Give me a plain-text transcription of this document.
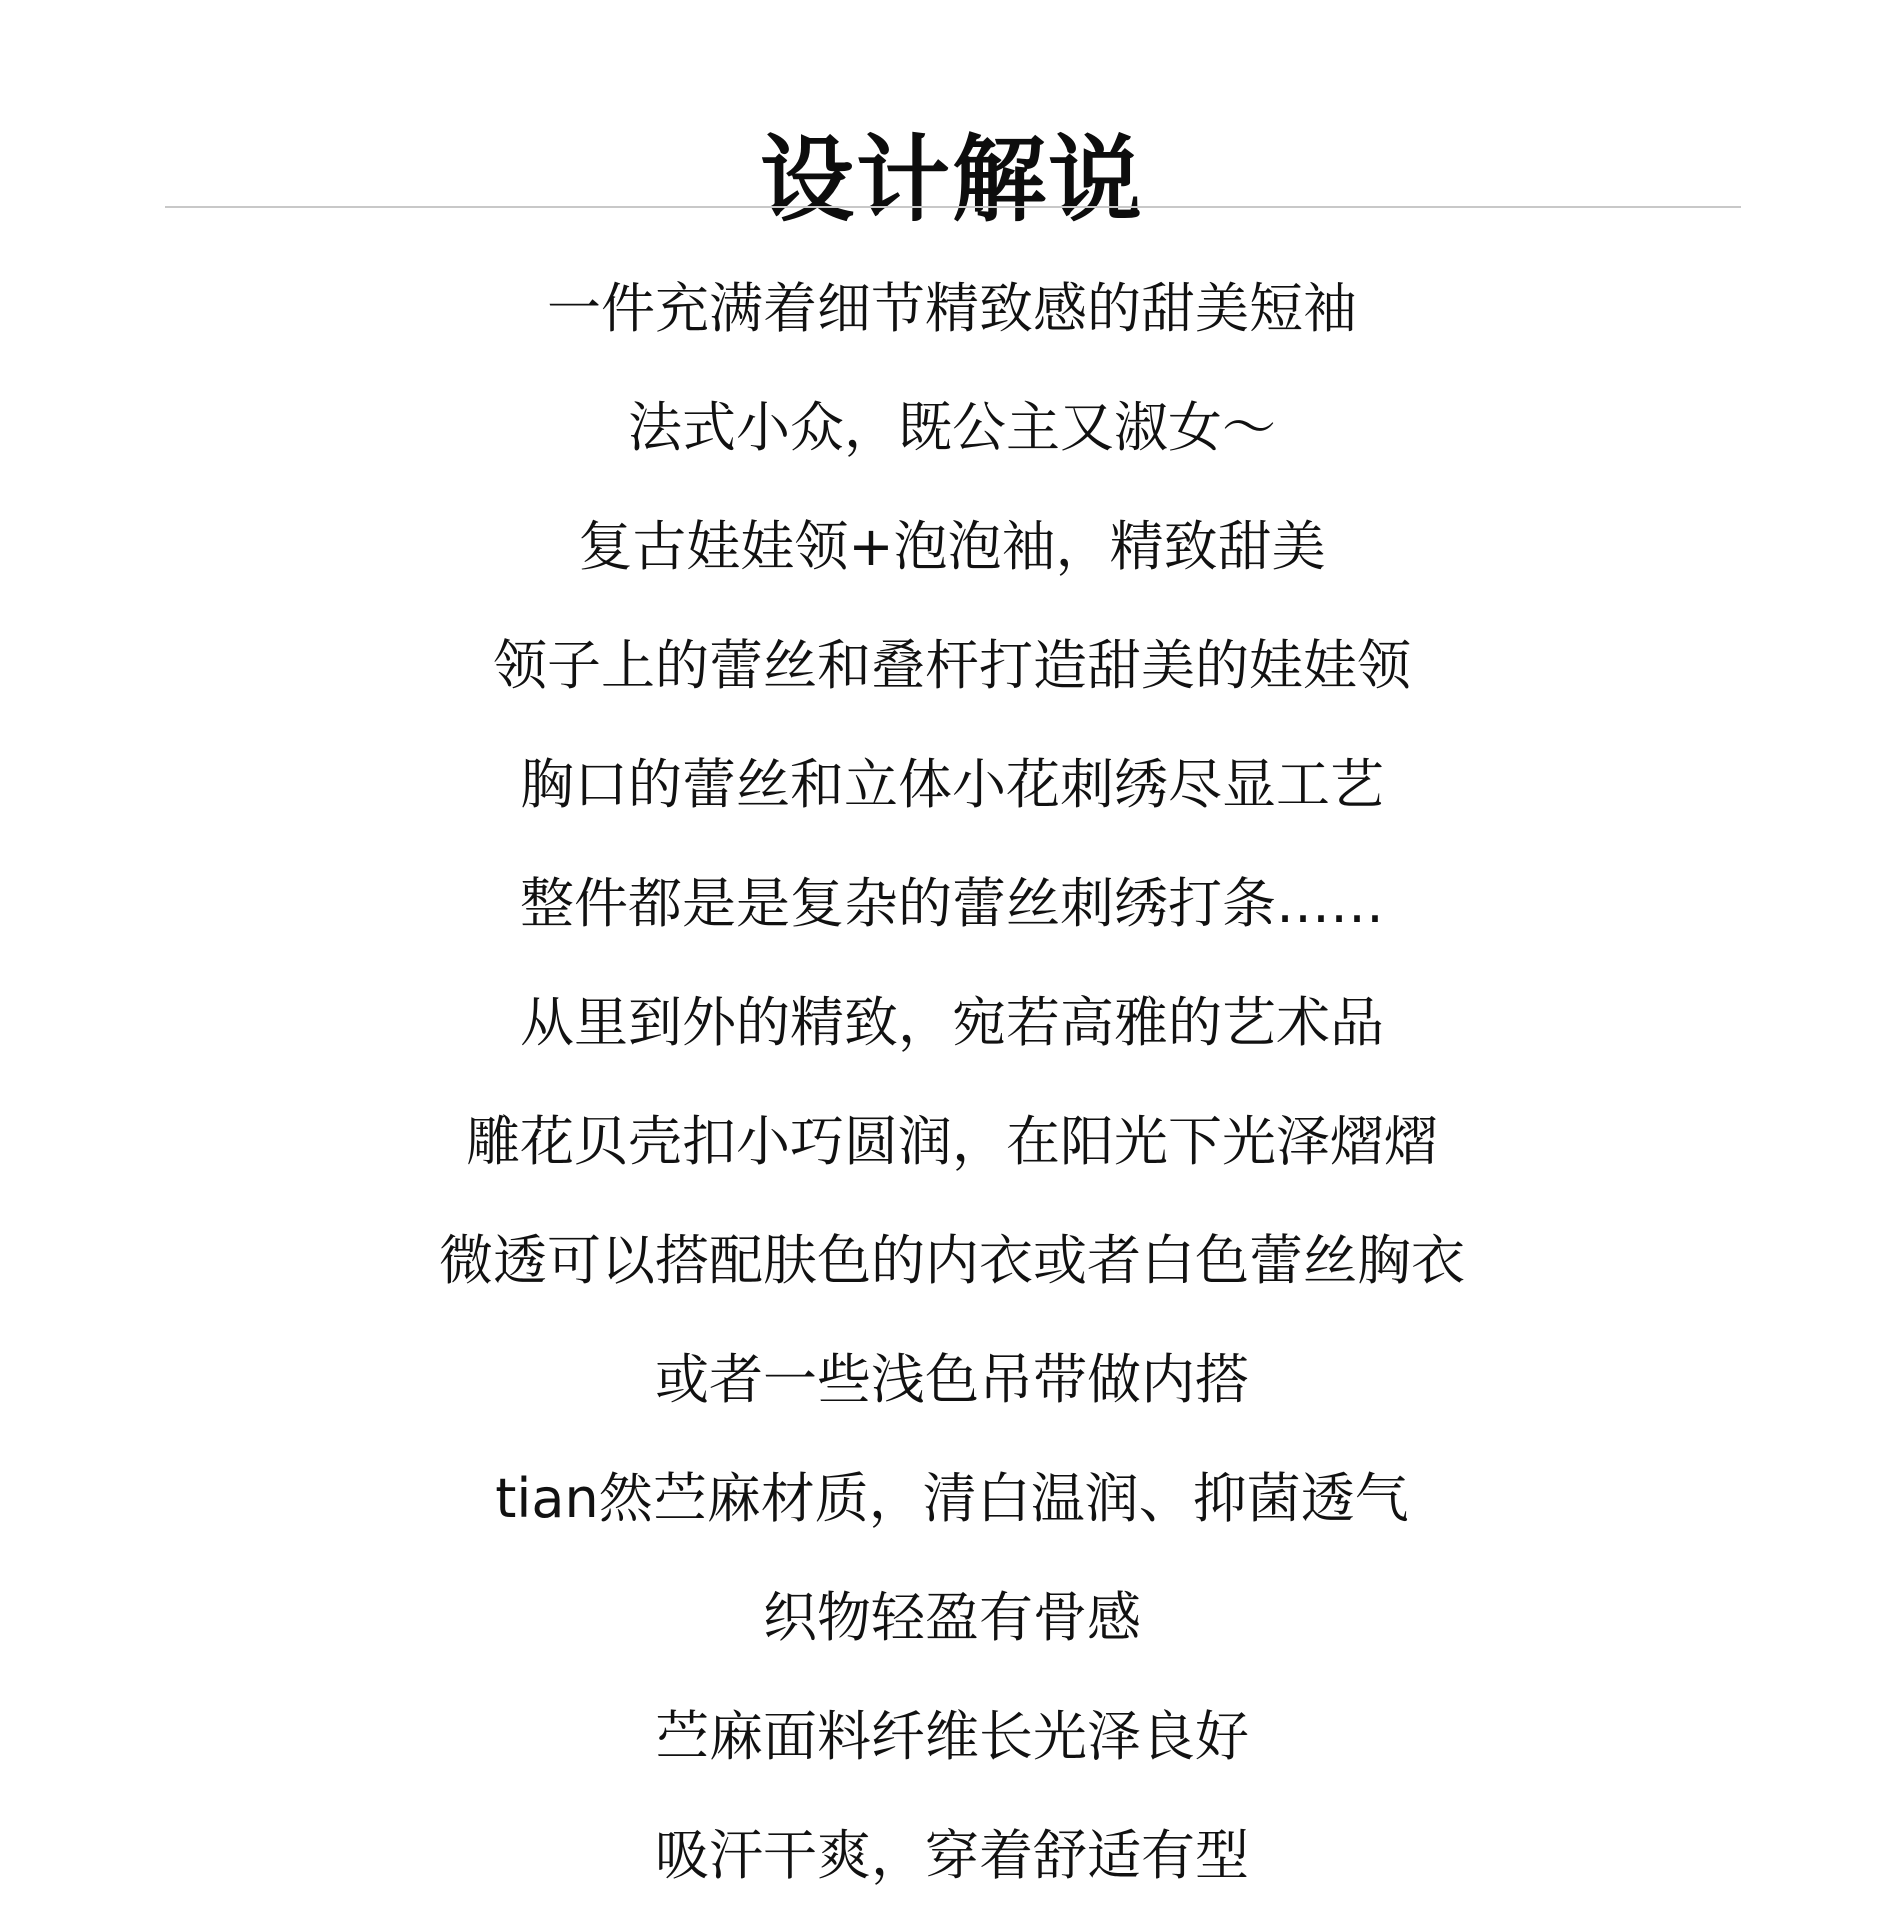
设计解说
一件充满着细节精致感的甜美短袖
法式小众，既公主又淑女～
复古娃娃领+泡泡袖，精致甜美
领子上的蕾丝和叠杆打造甜美的娃娃领
胸口的蕾丝和立体小花刺绣尽显工艺
整件都是是复杂的蕾丝刺绣打条……
从里到外的精致，宛若高雅的艺术品
雕花贝壳扣小巧圆润，在阳光下光泽熠熠
微透可以搭配肤色的内衣或者白色蕾丝胸衣
或者一些浅色吊带做内搭
tian然苎麻材质，清白温润、抑菌透气
织物轻盈有骨感
苎麻面料纤维长光泽良好
吸汗干爽，穿着舒适有型
